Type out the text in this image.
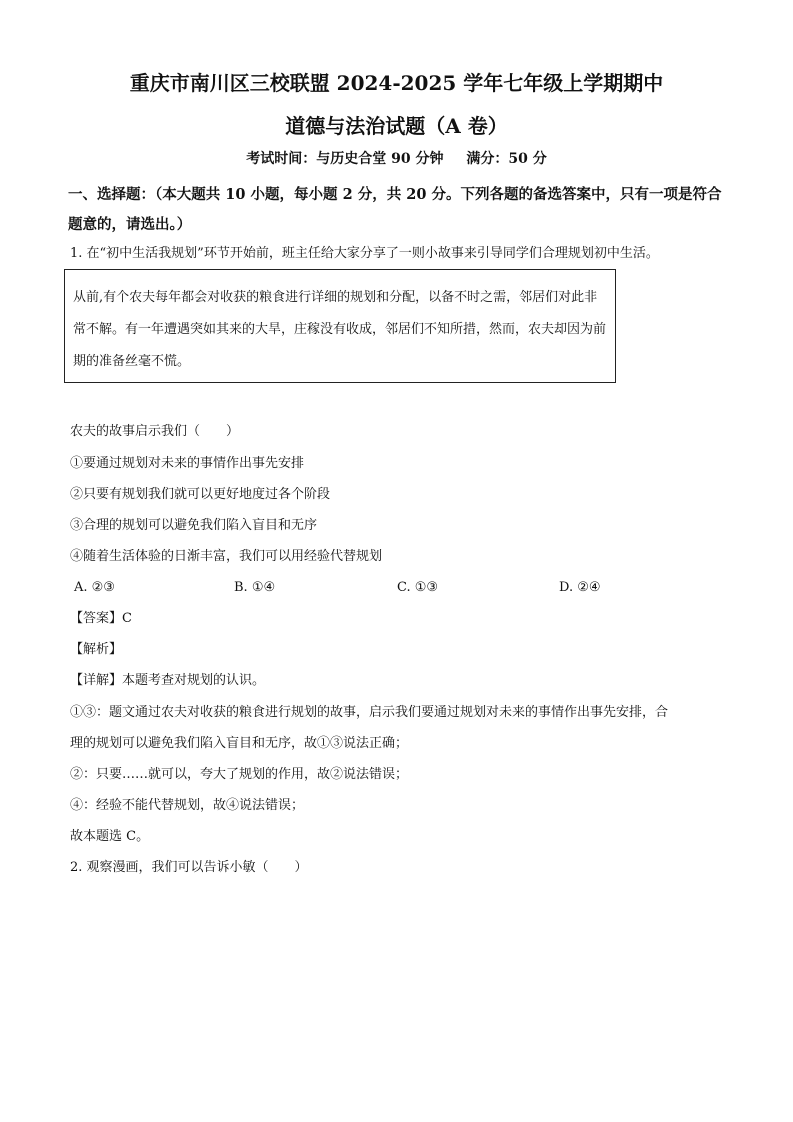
重庆市南川区三校联盟 2024-2025 学年七年级上学期期中
道德与法治试题（A 卷）
考试时间：与历史合堂 90 分钟 满分：50 分
一、选择题：（本大题共 10 小题，每小题 2 分，共 20 分。下列各题的备选答案中，只有一项是符合题意的，请选出。）
1. 在“初中生活我规划”环节开始前，班主任给大家分享了一则小故事来引导同学们合理规划初中生活。

从前,有个农夫每年都会对收获的粮食进行详细的规划和分配，以备不时之需，邻居们对此非常不解。有一年遭遇突如其来的大旱，庄稼没有收成，邻居们不知所措，然而，农夫却因为前期的准备丝毫不慌。

农夫的故事启示我们（　　）
①要通过规划对未来的事情作出事先安排
②只要有规划我们就可以更好地度过各个阶段
③合理的规划可以避免我们陷入盲目和无序
④随着生活体验的日渐丰富，我们可以用经验代替规划
A. ②③	B. ①④	C. ①③	D. ②④
【答案】C
【解析】
【详解】本题考查对规划的认识。
①③：题文通过农夫对收获的粮食进行规划的故事，启示我们要通过规划对未来的事情作出事先安排，合
理的规划可以避免我们陷入盲目和无序，故①③说法正确；
②：只要……就可以，夸大了规划的作用，故②说法错误；
④：经验不能代替规划，故④说法错误；
故本题选 C。
2. 观察漫画，我们可以告诉小敏（　　）
